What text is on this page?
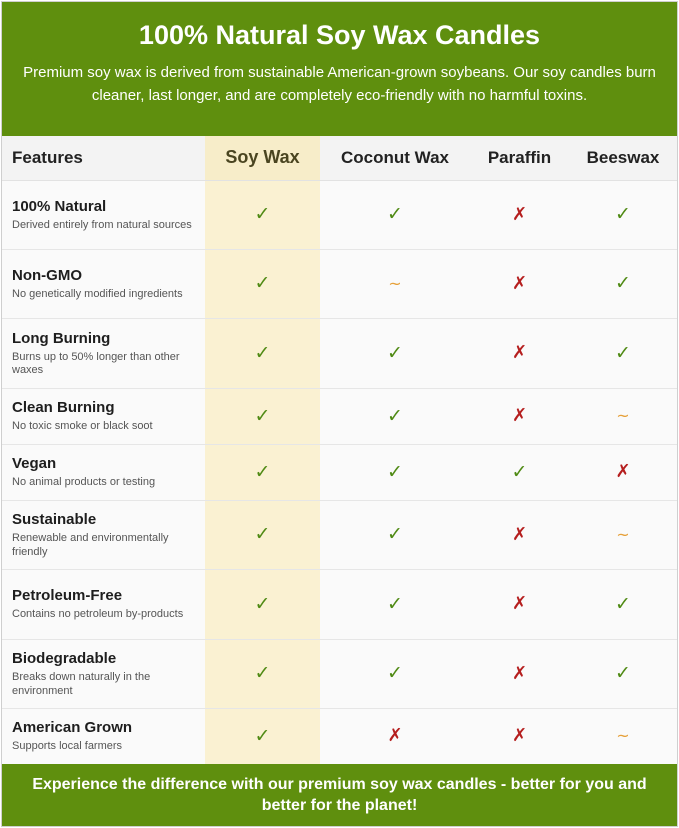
100% Natural Soy Wax Candles

Premium soy wax is derived from sustainable American-grown soybeans. Our soy candles burn cleaner, last longer, and are completely eco-friendly with no harmful toxins.

Features	Soy Wax	Coconut Wax	Paraffin	Beeswax

100% Natural
Derived entirely from natural sources	✓	✓	✗	✓

Non-GMO
No genetically modified ingredients	✓	~	✗	✓

Long Burning
Burns up to 50% longer than other waxes	✓	✓	✗	✓

Clean Burning
No toxic smoke or black soot	✓	✓	✗	~

Vegan
No animal products or testing	✓	✓	✓	✗

Sustainable
Renewable and environmentally friendly	✓	✓	✗	~

Petroleum-Free
Contains no petroleum by-products	✓	✓	✗	✓

Biodegradable
Breaks down naturally in the environment	✓	✓	✗	✓

American Grown
Supports local farmers	✓	✗	✗	~

Experience the difference with our premium soy wax candles - better for you and better for the planet!
